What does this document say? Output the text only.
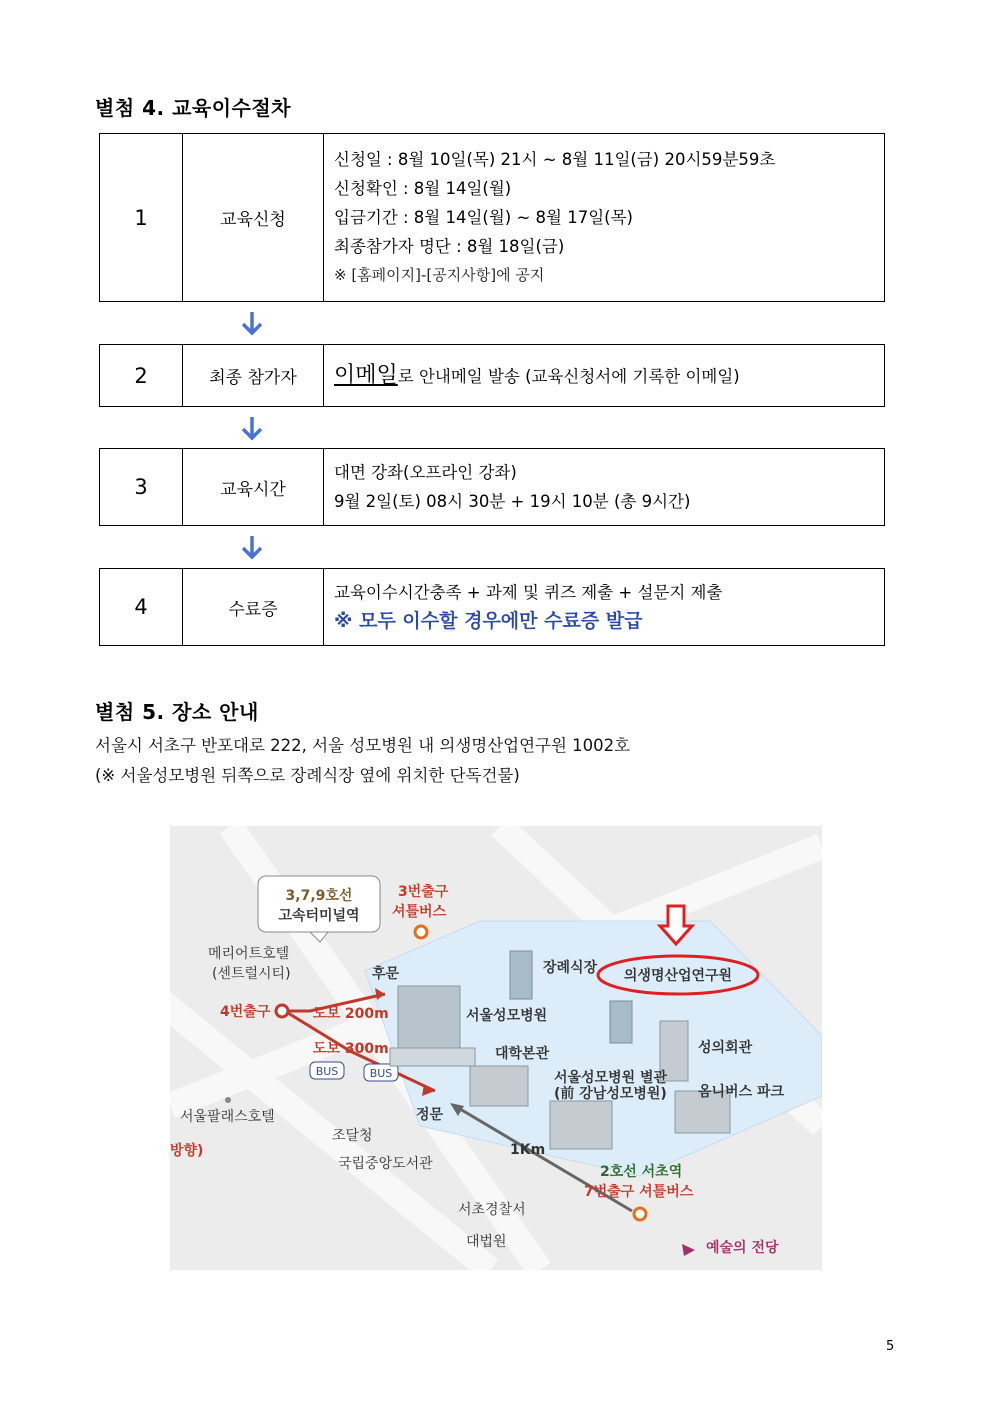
별첨 4. 교육이수절차
1	교육신청
신청일 : 8월 10일(목) 21시 ~ 8월 11일(금) 20시59분59초
신청확인 : 8월 14일(월)
입금기간 : 8월 14일(월) ~ 8월 17일(목)
최종참가자 명단 : 8월 18일(금)
※ [홈페이지]-[공지사항]에 공지
2	최종 참가자	이메일로 안내메일 발송 (교육신청서에 기록한 이메일)
3	교육시간
대면 강좌(오프라인 강좌)
9월 2일(토) 08시 30분 + 19시 10분 (총 9시간)
4	수료증
교육이수시간충족 + 과제 및 퀴즈 제출 + 설문지 제출
※ 모두 이수할 경우에만 수료증 발급
별첨 5. 장소 안내
서울시 서초구 반포대로 222, 서울 성모병원 내 의생명산업연구원 1002호
(※ 서울성모병원 뒤쪽으로 장례식장 옆에 위치한 단독건물)
3,7,9호선
고속터미널역
3번출구
셔틀버스
메리어트호텔
(센트럴시티)	후문
4번출구	도보 200m
도보 300m
BUS	BUS
서울성모병원
장례식장 의생명산업연구원
대학본관	성의회관
서울성모병원 별관
(前 강남성모병원) 옴니버스 파크
서울팔래스호텔
방향)
정문
조달청
국립중앙도서관
1Km
2호선 서초역
7번출구 셔틀버스
서초경찰서
대법원	예술의 전당
5
